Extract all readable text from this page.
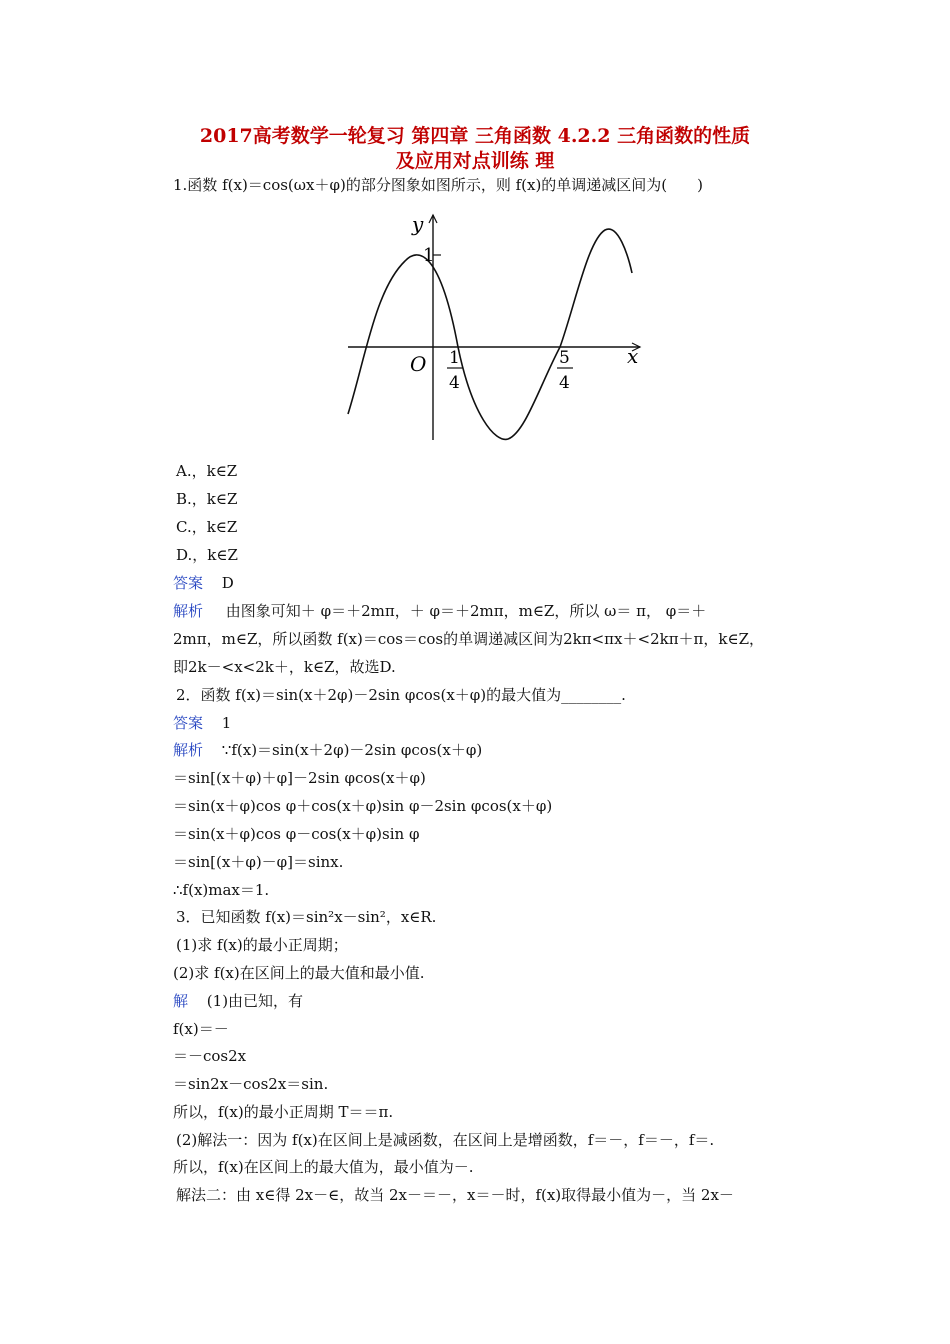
2017高考数学一轮复习 第四章 三角函数 4.2.2 三角函数的性质
及应用对点训练 理
1.函数 f(x)＝cos(ωx＋φ)的部分图象如图所示，则 f(x)的单调递减区间为(　　)
y
1
O	x
1
4
5
4
A.，k∈Z
B.，k∈Z
C.，k∈Z
D.，k∈Z
答案 D
解析 由图象可知＋ φ＝＋2mπ，＋ φ＝＋2mπ，m∈Z，所以 ω＝ π， φ＝＋
2mπ，m∈Z，所以函数 f(x)＝cos＝cos的单调递减区间为2kπ<πx＋<2kπ＋π，k∈Z，
即2k－<x<2k＋，k∈Z，故选D.
2．函数 f(x)＝sin(x＋2φ)－2sin φcos(x＋φ)的最大值为________.
答案 1
解析 ∵f(x)＝sin(x＋2φ)－2sin φcos(x＋φ)
＝sin[(x＋φ)＋φ]－2sin φcos(x＋φ)
＝sin(x＋φ)cos φ＋cos(x＋φ)sin φ－2sin φcos(x＋φ)
＝sin(x＋φ)cos φ－cos(x＋φ)sin φ
＝sin[(x＋φ)－φ]＝sinx.
∴f(x)max＝1.
3．已知函数 f(x)＝sin²x－sin²，x∈R.
(1)求 f(x)的最小正周期；
(2)求 f(x)在区间上的最大值和最小值.
解 (1)由已知，有
f(x)＝－
＝－cos2x
＝sin2x－cos2x＝sin.
所以，f(x)的最小正周期 T＝＝π.
(2)解法一：因为 f(x)在区间上是减函数，在区间上是增函数，f＝－，f＝－，f＝.
所以，f(x)在区间上的最大值为，最小值为－.
解法二：由 x∈得 2x－∈，故当 2x－＝－，x＝－时，f(x)取得最小值为－，当 2x－
